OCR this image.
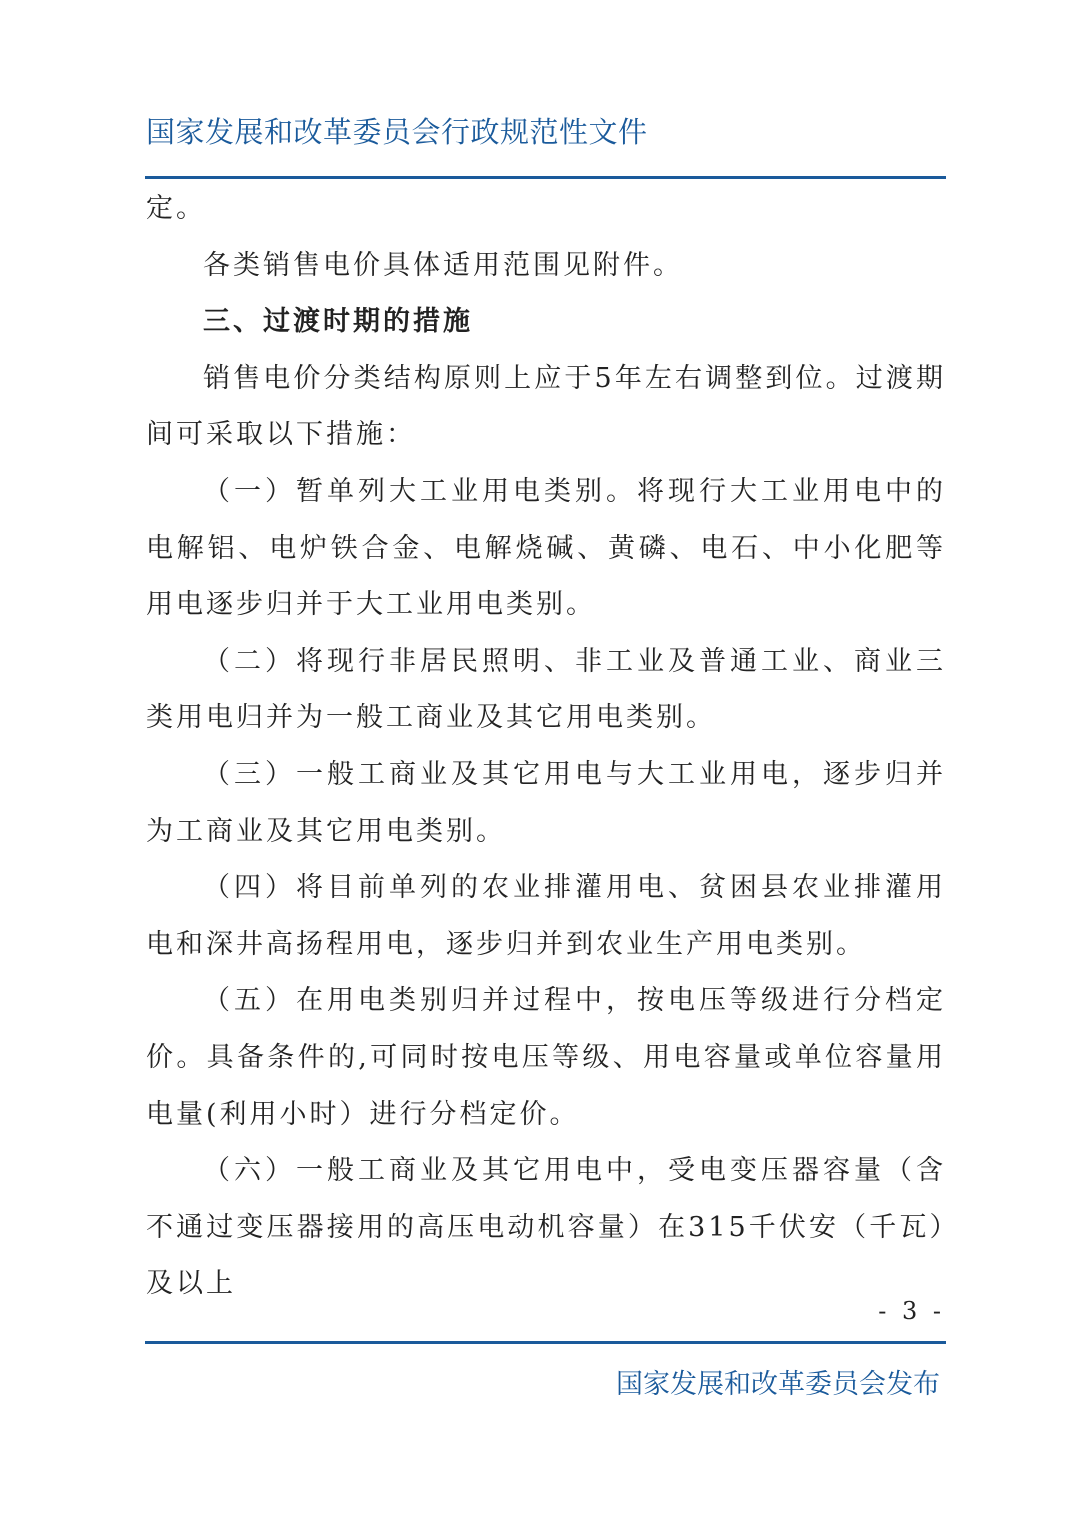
国家发展和改革委员会行政规范性文件

定。

各类销售电价具体适用范围见附件。

三、过渡时期的措施

销售电价分类结构原则上应于5年左右调整到位。过渡期间可采取以下措施：

（一）暂单列大工业用电类别。将现行大工业用电中的电解铝、电炉铁合金、电解烧碱、黄磷、电石、中小化肥等用电逐步归并于大工业用电类别。

（二）将现行非居民照明、非工业及普通工业、商业三类用电归并为一般工商业及其它用电类别。

（三）一般工商业及其它用电与大工业用电，逐步归并为工商业及其它用电类别。

（四）将目前单列的农业排灌用电、贫困县农业排灌用电和深井高扬程用电，逐步归并到农业生产用电类别。

（五）在用电类别归并过程中，按电压等级进行分档定价。具备条件的,可同时按电压等级、用电容量或单位容量用电量(利用小时）进行分档定价。

（六）一般工商业及其它用电中，受电变压器容量（含不通过变压器接用的高压电动机容量）在315千伏安（千瓦）及以上

- 3 -
国家发展和改革委员会发布
